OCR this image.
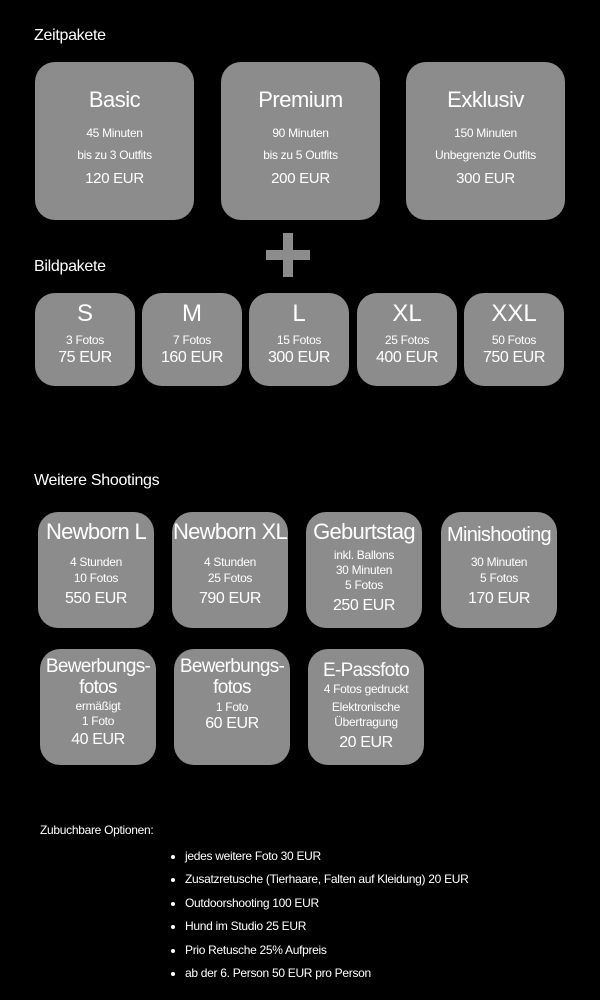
Zeitpakete
Basic
45 Minuten
bis zu 3 Outfits
120 EUR
Premium
90 Minuten
bis zu 5 Outfits
200 EUR
Exklusiv
150 Minuten
Unbegrenzte Outfits
300 EUR
Bildpakete
S
3 Fotos
75 EUR
M
7 Fotos
160 EUR
L
15 Fotos
300 EUR
XL
25 Fotos
400 EUR
XXL
50 Fotos
750 EUR
Weitere Shootings
Newborn L
4 Stunden
10 Fotos
550 EUR
Newborn XL
4 Stunden
25 Fotos
790 EUR
Geburtstag
inkl. Ballons
30 Minuten
5 Fotos
250 EUR
Minishooting
30 Minuten
5 Fotos
170 EUR
Bewerbungs-
fotos
ermäßigt
1 Foto
40 EUR
Bewerbungs-
fotos
1 Foto
60 EUR
E-Passfoto
4 Fotos gedruckt
Elektronische
Übertragung
20 EUR
Zubuchbare Optionen:
• jedes weitere Foto 30 EUR
• Zusatzretusche (Tierhaare, Falten auf Kleidung) 20 EUR
• Outdoorshooting 100 EUR
• Hund im Studio 25 EUR
• Prio Retusche 25% Aufpreis
• ab der 6. Person 50 EUR pro Person
